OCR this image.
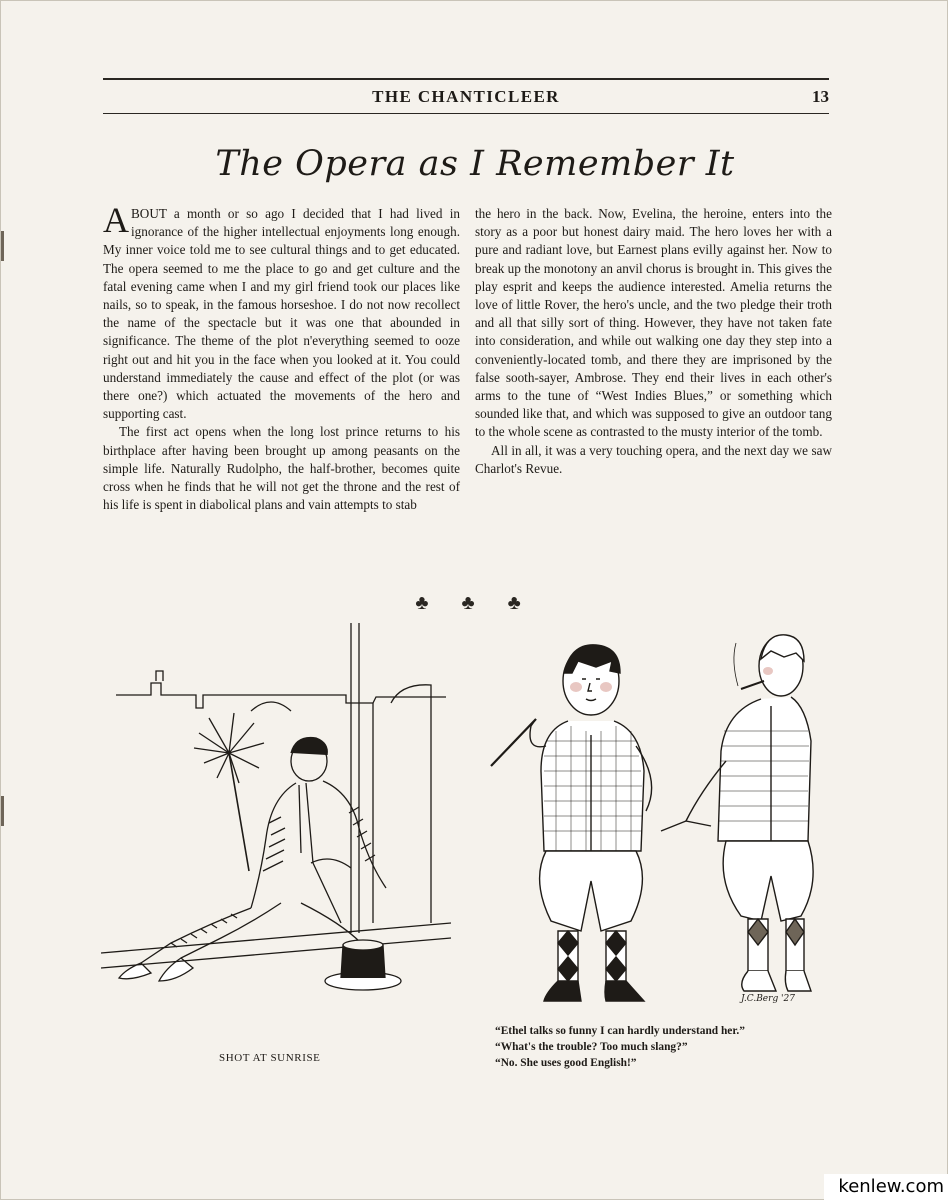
THE CHANTICLEER	13
The Opera as I Remember It

ABOUT a month or so ago I decided that I had lived in ignorance of the higher intellectual enjoyments long enough. My inner voice told me to see cultural things and to get educated. The opera seemed to me the place to go and get culture and the fatal evening came when I and my girl friend took our places like nails, so to speak, in the famous horseshoe. I do not now recollect the name of the spectacle but it was one that abounded in significance. The theme of the plot n'everything seemed to ooze right out and hit you in the face when you looked at it. You could understand immediately the cause and effect of the plot (or was there one?) which actuated the movements of the hero and supporting cast.

The first act opens when the long lost prince returns to his birthplace after having been brought up among peasants on the simple life. Naturally Rudolpho, the half-brother, becomes quite cross when he finds that he will not get the throne and the rest of his life is spent in diabolical plans and vain attempts to stab

the hero in the back. Now, Evelina, the heroine, enters into the story as a poor but honest dairy maid. The hero loves her with a pure and radiant love, but Earnest plans evilly against her. Now to break up the monotony an anvil chorus is brought in. This gives the play esprit and keeps the audience interested. Amelia returns the love of little Rover, the hero's uncle, and the two pledge their troth and all that silly sort of thing. However, they have not taken fate into consideration, and while out walking one day they step into a conveniently-located tomb, and there they are imprisoned by the false sooth-sayer, Ambrose. They end their lives in each other's arms to the tune of “West Indies Blues,” or something which sounded like that, and which was supposed to give an outdoor tang to the whole scene as contrasted to the musty interior of the tomb.

All in all, it was a very touching opera, and the next day we saw Charlot's Revue.

♣ ♣ ♣
SHOT AT SUNRISE
J.C.Berg '27
“Ethel talks so funny I can hardly understand her.”
“What's the trouble? Too much slang?”
“No. She uses good English!”
kenlew.com
